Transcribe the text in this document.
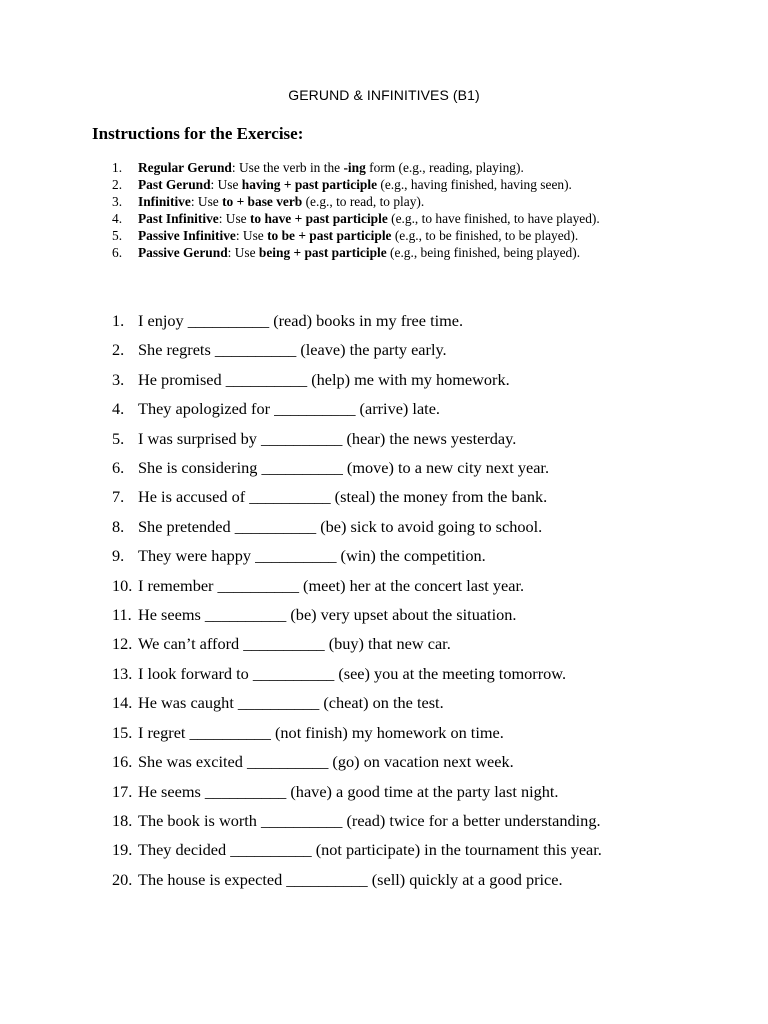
GERUND & INFINITIVES (B1)
Instructions for the Exercise:
1.	Regular Gerund: Use the verb in the -ing form (e.g., reading, playing).
2.	Past Gerund: Use having + past participle (e.g., having finished, having seen).
3.	Infinitive: Use to + base verb (e.g., to read, to play).
4.	Past Infinitive: Use to have + past participle (e.g., to have finished, to have played).
5.	Passive Infinitive: Use to be + past participle (e.g., to be finished, to be played).
6.	Passive Gerund: Use being + past participle (e.g., being finished, being played).
1. I enjoy __________ (read) books in my free time.
2. She regrets __________ (leave) the party early.
3. He promised __________ (help) me with my homework.
4. They apologized for __________ (arrive) late.
5. I was surprised by __________ (hear) the news yesterday.
6. She is considering __________ (move) to a new city next year.
7. He is accused of __________ (steal) the money from the bank.
8. She pretended __________ (be) sick to avoid going to school.
9. They were happy __________ (win) the competition.
10. I remember __________ (meet) her at the concert last year.
11. He seems __________ (be) very upset about the situation.
12. We can’t afford __________ (buy) that new car.
13. I look forward to __________ (see) you at the meeting tomorrow.
14. He was caught __________ (cheat) on the test.
15. I regret __________ (not finish) my homework on time.
16. She was excited __________ (go) on vacation next week.
17. He seems __________ (have) a good time at the party last night.
18. The book is worth __________ (read) twice for a better understanding.
19. They decided __________ (not participate) in the tournament this year.
20. The house is expected __________ (sell) quickly at a good price.
